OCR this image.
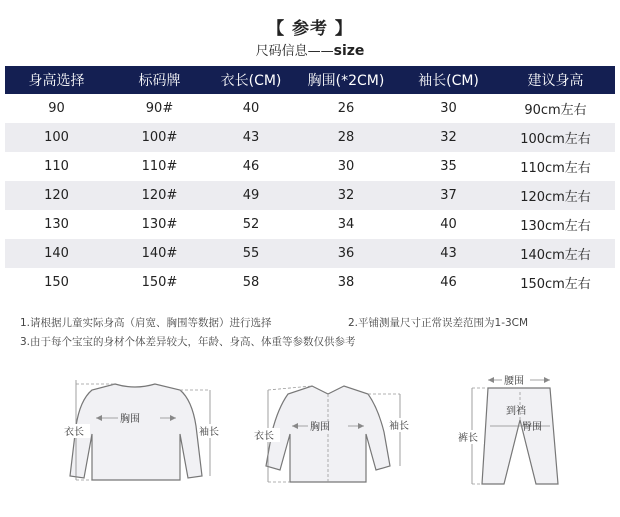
【 参考 】
尺码信息——size
身高选择	标码牌	衣长(CM)	胸围(*2CM)	袖长(CM)	建议身高
90	90#	40	26	30	90cm左右
100	100#	43	28	32	100cm左右
110	110#	46	30	35	110cm左右
120	120#	49	32	37	120cm左右
130	130#	52	34	40	130cm左右
140	140#	55	36	43	140cm左右
150	150#	58	38	46	150cm左右
1.请根据儿童实际身高（肩宽、胸围等数据）进行选择	2.平铺测量尺寸正常误差范围为1-3CM
3.由于每个宝宝的身材个体差异较大，年龄、身高、体重等参数仅供参考
衣长
胸围
袖长	衣长
胸围	袖长
腰围
到裆
臀围
裤长
